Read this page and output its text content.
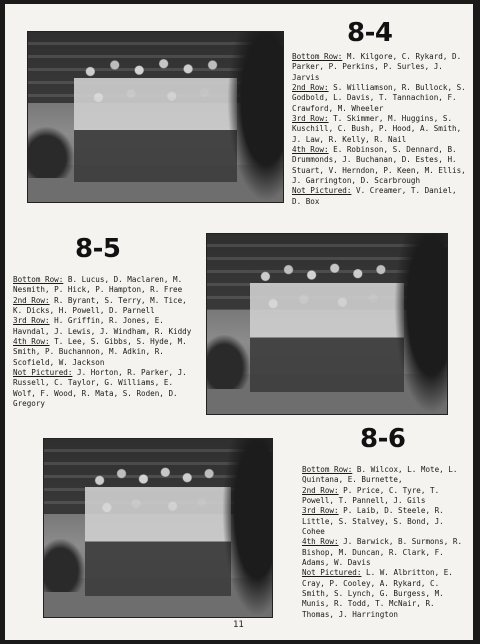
8-4
Bottom Row: M. Kilgore, C. Rykard, D. Parker, P. Perkins, P. Surles, J. Jarvis
2nd Row: S. Williamson, R. Bullock, S. Godbold, L. Davis, T. Tannachion, F. Crawford, M. Wheeler
3rd Row: T. Skimmer, M. Huggins, S. Kuschill, C. Bush, P. Hood, A. Smith, J. Law, R. Kelly, R. Nail
4th Row: E. Robinson, S. Dennard, B. Drummonds, J. Buchanan, D. Estes, H. Stuart, V. Herndon, P. Keen, M. Ellis, J. Garrington, D. Scarbrough
Not Pictured: V. Creamer, T. Daniel, D. Box
8-5
Bottom Row: B. Lucus, D. Maclaren, M. Nesmith, P. Hick, P. Hampton, R. Free
2nd Row: R. Byrant, S. Terry, M. Tice, K. Dicks, H. Powell, D. Parnell
3rd Row: H. Griffin, R. Jones, E. Havndal, J. Lewis, J. Windham, R. Kiddy
4th Row: T. Lee, S. Gibbs, S. Hyde, M. Smith, P. Buchannon, M. Adkin, R. Scofield, W. Jackson
Not Pictured: J. Horton, R. Parker, J. Russell, C. Taylor, G. Williams, E. Wolf, F. Wood, R. Mata, S. Roden, D. Gregory
8-6
Bottom Row: B. Wilcox, L. Mote, L. Quintana, E. Burnette,
2nd Row: P. Price, C. Tyre, T. Powell, T. Pannell, J. Gils
3rd Row: P. Laib, D. Steele, R. Little, S. Stalvey, S. Bond, J. Cohee
4th Row: J. Barwick, B. Surmons, R. Bishop, M. Duncan, R. Clark, F. Adams, W. Davis
Not Pictured: L. W. Albritton, E. Cray, P. Cooley, A. Rykard, C. Smith, S. Lynch, G. Burgess, M. Munis, R. Todd, T. McNair, R. Thomas, J. Harrington
11
